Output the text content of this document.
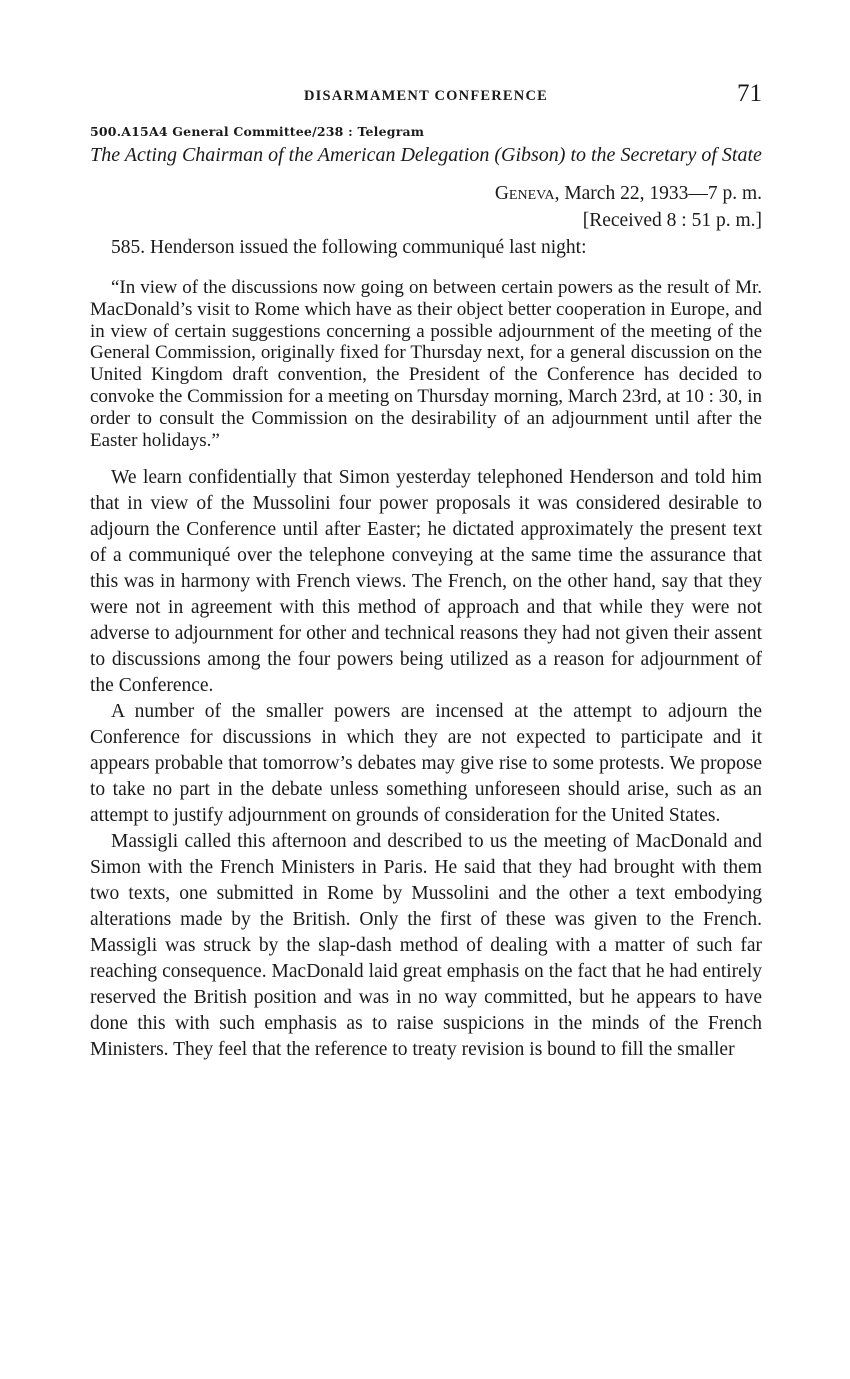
DISARMAMENT CONFERENCE	71
500.A15A4 General Committee/238 : Telegram
The Acting Chairman of the American Delegation (Gibson) to the Secretary of State
Geneva, March 22, 1933—7 p. m.
[Received 8 : 51 p. m.]
585. Henderson issued the following communiqué last night:
“In view of the discussions now going on between certain powers as the result of Mr. MacDonald’s visit to Rome which have as their object better cooperation in Europe, and in view of certain suggestions concerning a possible adjournment of the meeting of the General Commission, originally fixed for Thursday next, for a general discussion on the United Kingdom draft convention, the President of the Conference has decided to convoke the Commission for a meeting on Thursday morning, March 23rd, at 10 : 30, in order to consult the Commission on the desirability of an adjournment until after the Easter holidays.”
We learn confidentially that Simon yesterday telephoned Henderson and told him that in view of the Mussolini four power proposals it was considered desirable to adjourn the Conference until after Easter; he dictated approximately the present text of a communiqué over the telephone conveying at the same time the assurance that this was in harmony with French views. The French, on the other hand, say that they were not in agreement with this method of approach and that while they were not adverse to adjournment for other and technical reasons they had not given their assent to discussions among the four powers being utilized as a reason for adjournment of the Conference.
A number of the smaller powers are incensed at the attempt to adjourn the Conference for discussions in which they are not expected to participate and it appears probable that tomorrow’s debates may give rise to some protests. We propose to take no part in the debate unless something unforeseen should arise, such as an attempt to justify adjournment on grounds of consideration for the United States.
Massigli called this afternoon and described to us the meeting of MacDonald and Simon with the French Ministers in Paris. He said that they had brought with them two texts, one submitted in Rome by Mussolini and the other a text embodying alterations made by the British. Only the first of these was given to the French. Massigli was struck by the slap-dash method of dealing with a matter of such far reaching consequence. MacDonald laid great emphasis on the fact that he had entirely reserved the British position and was in no way committed, but he appears to have done this with such emphasis as to raise suspicions in the minds of the French Ministers. They feel that the reference to treaty revision is bound to fill the smaller
